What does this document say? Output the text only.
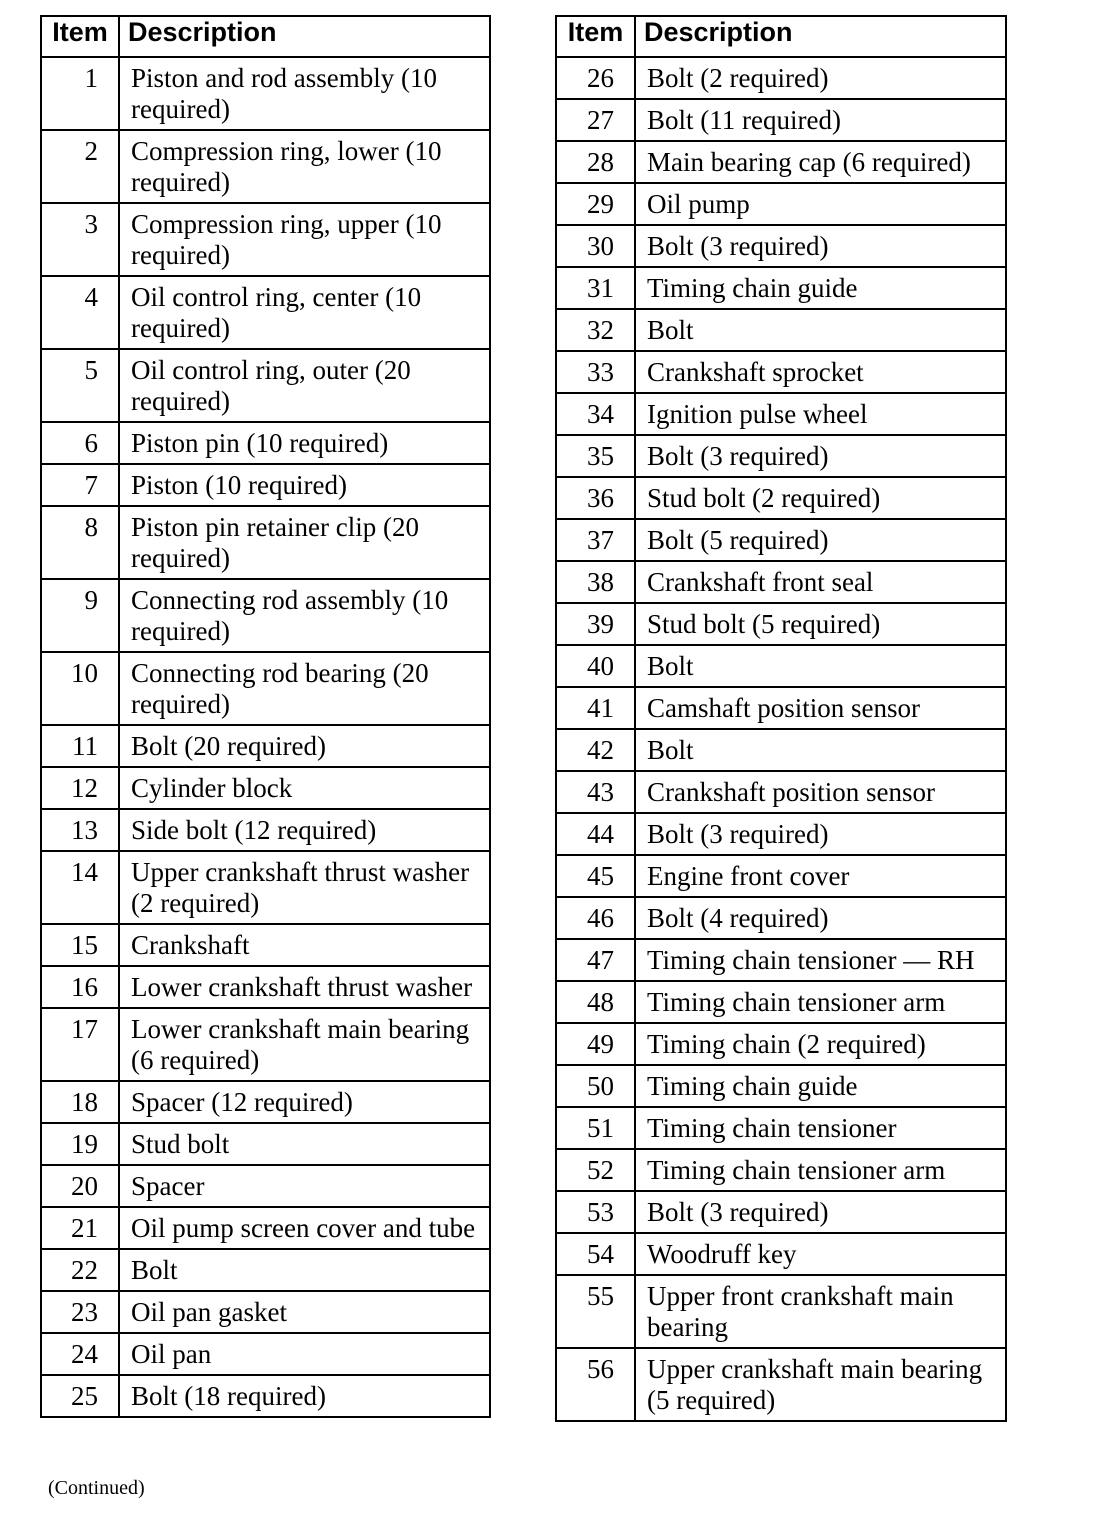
Item	Description
1	Piston and rod assembly (10 required)
2	Compression ring, lower (10 required)
3	Compression ring, upper (10 required)
4	Oil control ring, center (10 required)
5	Oil control ring, outer (20 required)
6	Piston pin (10 required)
7	Piston (10 required)
8	Piston pin retainer clip (20 required)
9	Connecting rod assembly (10 required)
10	Connecting rod bearing (20 required)
11	Bolt (20 required)
12	Cylinder block
13	Side bolt (12 required)
14	Upper crankshaft thrust washer (2 required)
15	Crankshaft
16	Lower crankshaft thrust washer
17	Lower crankshaft main bearing (6 required)
18	Spacer (12 required)
19	Stud bolt
20	Spacer
21	Oil pump screen cover and tube
22	Bolt
23	Oil pan gasket
24	Oil pan
25	Bolt (18 required)
Item	Description
26	Bolt (2 required)
27	Bolt (11 required)
28	Main bearing cap (6 required)
29	Oil pump
30	Bolt (3 required)
31	Timing chain guide
32	Bolt
33	Crankshaft sprocket
34	Ignition pulse wheel
35	Bolt (3 required)
36	Stud bolt (2 required)
37	Bolt (5 required)
38	Crankshaft front seal
39	Stud bolt (5 required)
40	Bolt
41	Camshaft position sensor
42	Bolt
43	Crankshaft position sensor
44	Bolt (3 required)
45	Engine front cover
46	Bolt (4 required)
47	Timing chain tensioner — RH
48	Timing chain tensioner arm
49	Timing chain (2 required)
50	Timing chain guide
51	Timing chain tensioner
52	Timing chain tensioner arm
53	Bolt (3 required)
54	Woodruff key
55	Upper front crankshaft main bearing
56	Upper crankshaft main bearing (5 required)
(Continued)
